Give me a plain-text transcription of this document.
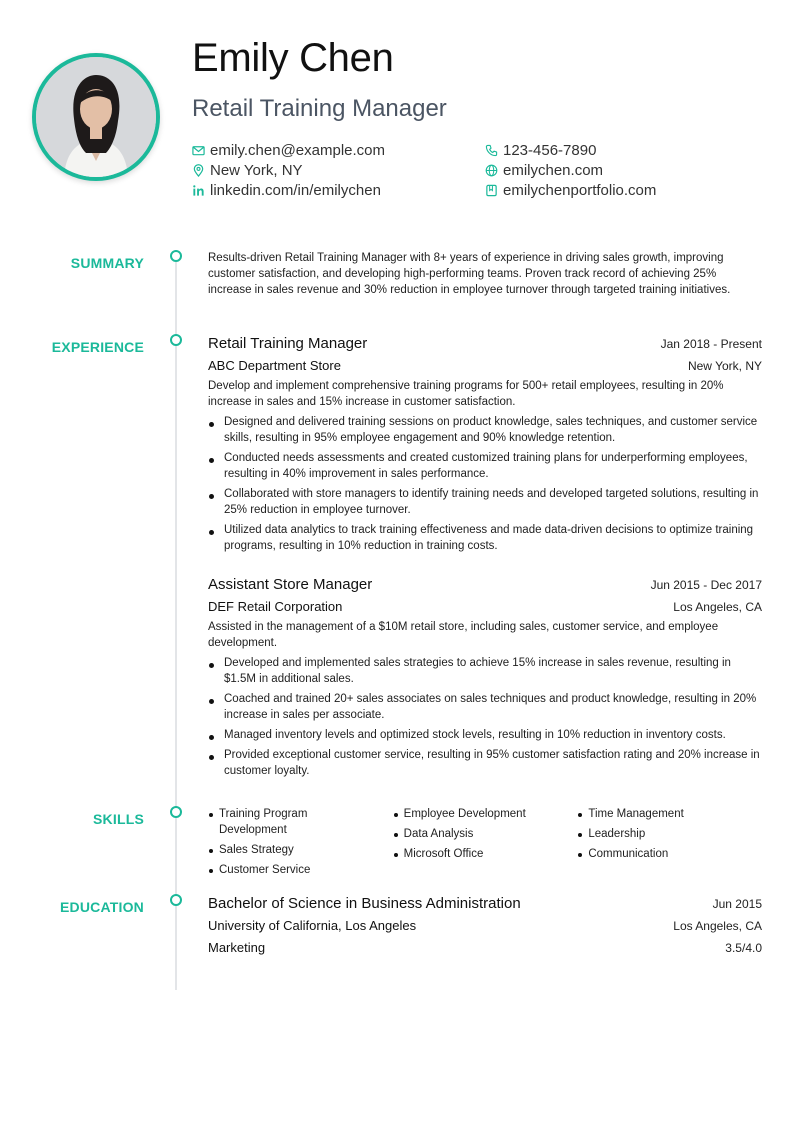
Emily Chen
Retail Training Manager
emily.chen@example.com	123-456-7890
New York, NY	emilychen.com
linkedin.com/in/emilychen	emilychenportfolio.com
SUMMARY
EXPERIENCE
SKILLS
EDUCATION
Results-driven Retail Training Manager with 8+ years of experience in driving sales growth, improving customer satisfaction, and developing high-performing teams. Proven track record of achieving 25% increase in sales revenue and 30% reduction in employee turnover through targeted training initiatives.
Retail Training Manager	Jan 2018 - Present
ABC Department Store	New York, NY
Develop and implement comprehensive training programs for 500+ retail employees, resulting in 20% increase in sales and 15% increase in customer satisfaction.
Designed and delivered training sessions on product knowledge, sales techniques, and customer service skills, resulting in 95% employee engagement and 90% knowledge retention.
Conducted needs assessments and created customized training plans for underperforming employees, resulting in 40% improvement in sales performance.
Collaborated with store managers to identify training needs and developed targeted solutions, resulting in 25% reduction in employee turnover.
Utilized data analytics to track training effectiveness and made data-driven decisions to optimize training programs, resulting in 10% reduction in training costs.
Assistant Store Manager	Jun 2015 - Dec 2017
DEF Retail Corporation	Los Angeles, CA
Assisted in the management of a $10M retail store, including sales, customer service, and employee development.
Developed and implemented sales strategies to achieve 15% increase in sales revenue, resulting in $1.5M in additional sales.
Coached and trained 20+ sales associates on sales techniques and product knowledge, resulting in 20% increase in sales per associate.
Managed inventory levels and optimized stock levels, resulting in 10% reduction in inventory costs.
Provided exceptional customer service, resulting in 95% customer satisfaction rating and 20% increase in customer loyalty.
Training Program Development
Sales Strategy
Customer Service
Employee Development
Data Analysis
Microsoft Office
Time Management
Leadership
Communication
Bachelor of Science in Business Administration	Jun 2015
University of California, Los Angeles	Los Angeles, CA
Marketing	3.5/4.0
